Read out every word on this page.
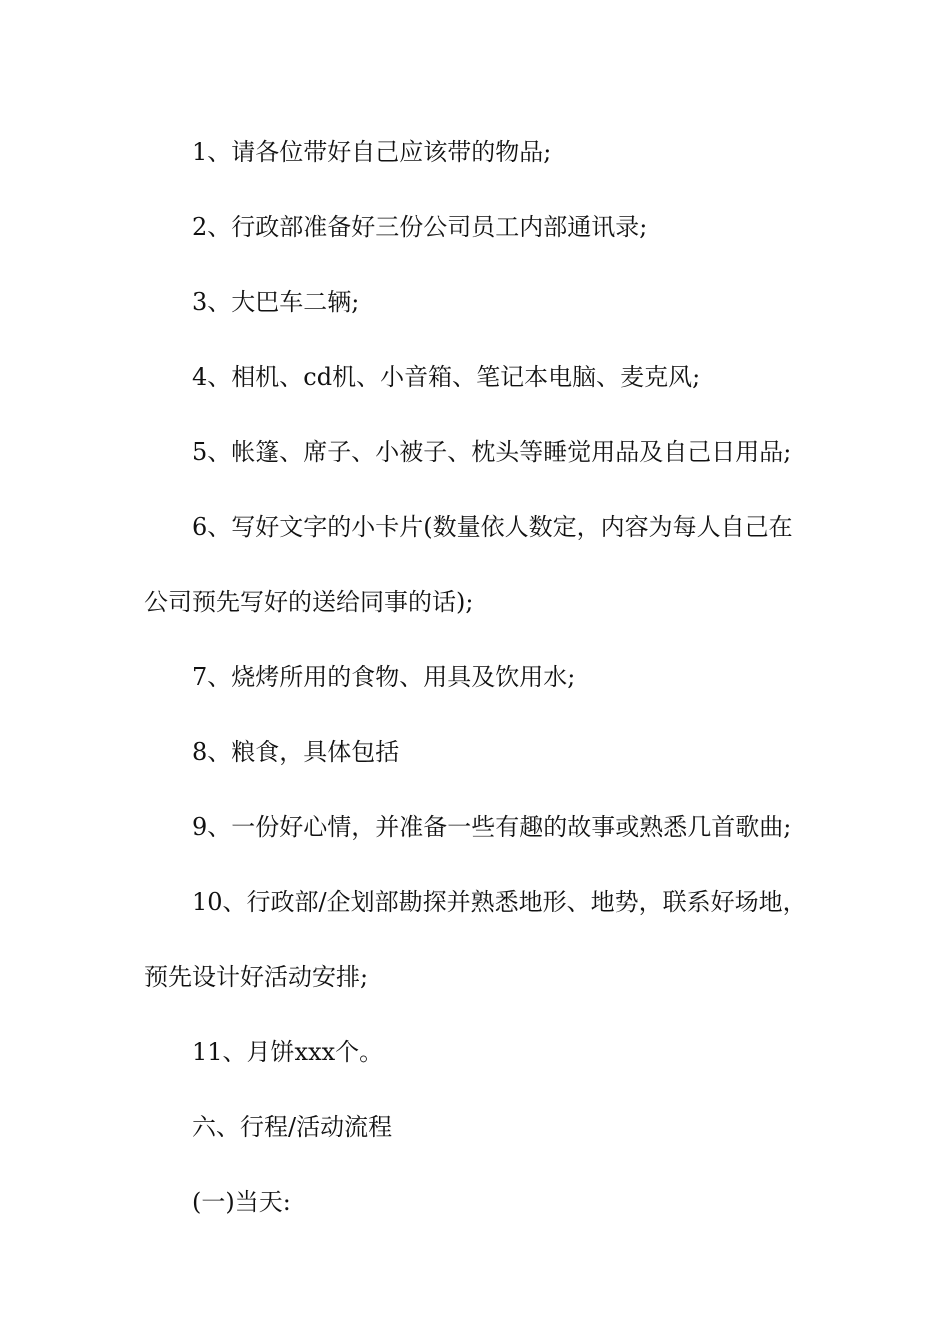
1、请各位带好自己应该带的物品;
2、行政部准备好三份公司员工内部通讯录;
3、大巴车二辆;
4、相机、cd机、小音箱、笔记本电脑、麦克风;
5、帐篷、席子、小被子、枕头等睡觉用品及自己日用品;
6、写好文字的小卡片(数量依人数定，内容为每人自己在
公司预先写好的送给同事的话);
7、烧烤所用的食物、用具及饮用水;
8、粮食，具体包括
9、一份好心情，并准备一些有趣的故事或熟悉几首歌曲;
10、行政部/企划部勘探并熟悉地形、地势，联系好场地，
预先设计好活动安排;
11、月饼xxx个。
六、行程/活动流程
(一)当天:
